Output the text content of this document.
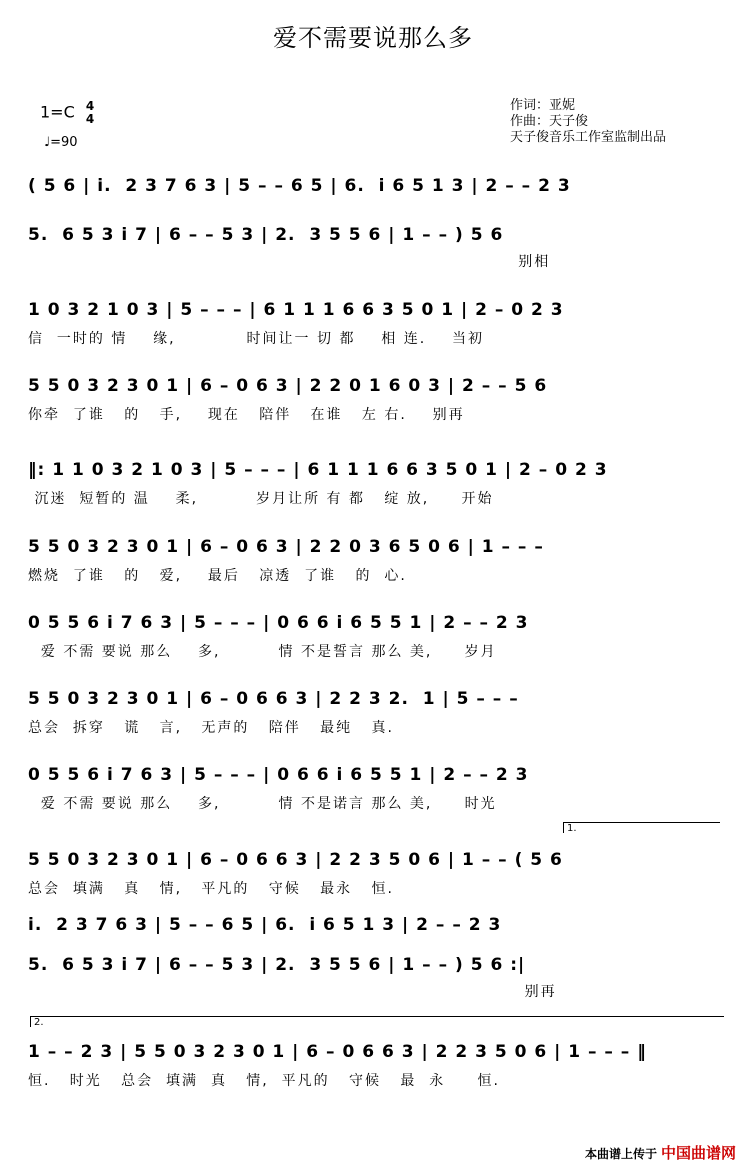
爱不需要说那么多
1=C 4
4
♩=90
作词：亚妮
作曲：天子俊
天子俊音乐工作室监制出品
( 5 6 | i.  2 3 7 6 3 | 5 – – 6 5 | 6.  i 6 5 1 3 | 2 – – 2 3
5.  6 5 3 i 7 | 6 – – 5 3 | 2.  3 5 5 6 | 1 – – ) 5 6
别相
1 0 3 2 1 0 3 | 5 – – – | 6 1 1 1 6 6 3 5 0 1 | 2 – 0 2 3
信  一时的 情    缘,           时间让一 切 都    相 连.    当初
5 5 0 3 2 3 0 1 | 6 – 0 6 3 | 2 2 0 1 6 0 3 | 2 – – 5 6
你牵  了谁   的   手,    现在   陪伴   在谁   左 右.    别再
‖: 1 1 0 3 2 1 0 3 | 5 – – – | 6 1 1 1 6 6 3 5 0 1 | 2 – 0 2 3
沉迷  短暂的 温    柔,         岁月让所 有 都   绽 放,     开始
5 5 0 3 2 3 0 1 | 6 – 0 6 3 | 2 2 0 3 6 5 0 6 | 1 – – –
燃烧  了谁   的   爱,    最后   凉透  了谁   的  心.
0 5 5 6 i 7 6 3 | 5 – – – | 0 6 6 i 6 5 5 1 | 2 – – 2 3
爱 不需 要说 那么    多,         情 不是誓言 那么 美,     岁月
5 5 0 3 2 3 0 1 | 6 – 0 6 6 3 | 2 2 3 2.  1 | 5 – – –
总会  拆穿   谎   言,   无声的   陪伴   最纯   真.
0 5 5 6 i 7 6 3 | 5 – – – | 0 6 6 i 6 5 5 1 | 2 – – 2 3
爱 不需 要说 那么    多,         情 不是诺言 那么 美,     时光
1.
5 5 0 3 2 3 0 1 | 6 – 0 6 6 3 | 2 2 3 5 0 6 | 1 – – ( 5 6
总会  填满   真   情,   平凡的   守候   最永   恒.
i.  2 3 7 6 3 | 5 – – 6 5 | 6.  i 6 5 1 3 | 2 – – 2 3
5.  6 5 3 i 7 | 6 – – 5 3 | 2.  3 5 5 6 | 1 – – ) 5 6 :|
别再
2.
1 – – 2 3 | 5 5 0 3 2 3 0 1 | 6 – 0 6 6 3 | 2 2 3 5 0 6 | 1 – – – ‖
恒.   时光   总会  填满  真   情,  平凡的   守候   最  永     恒.
本曲谱上传于 中国曲谱网
